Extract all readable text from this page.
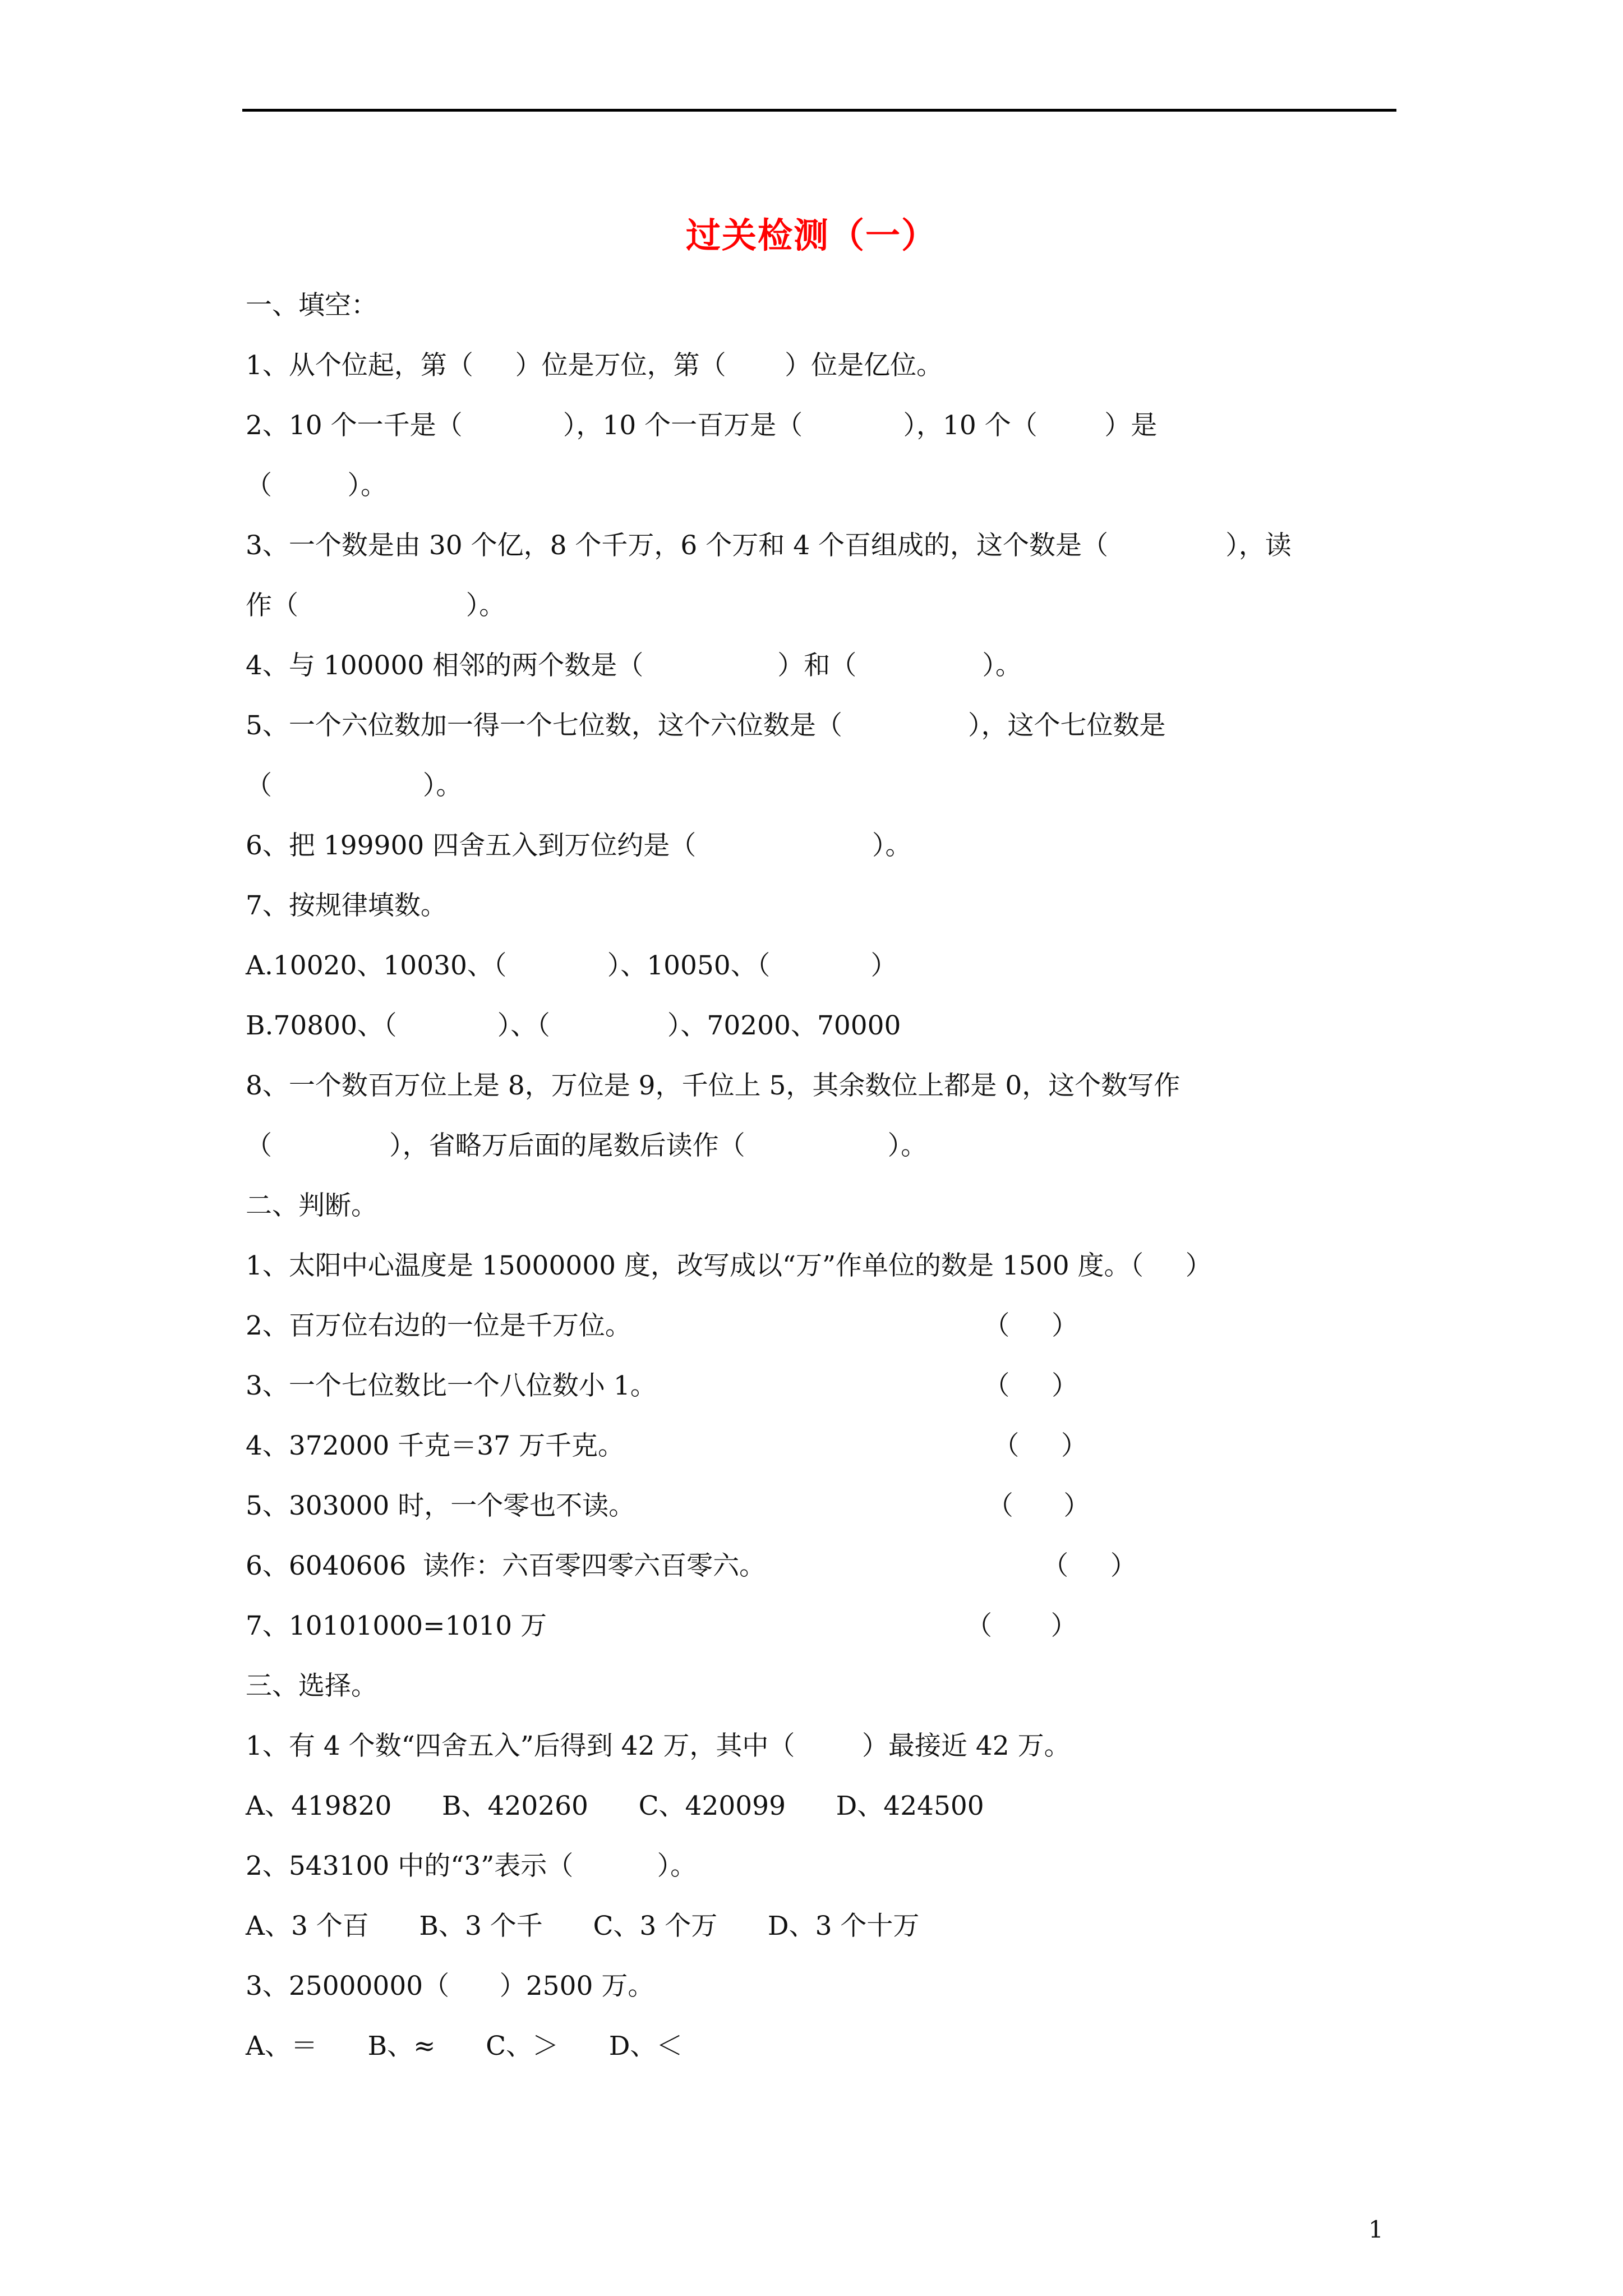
过关检测（一）

一、填空：

1、从个位起，第（     ）位是万位，第（       ）位是亿位。

2、10 个一千是（            ），10 个一百万是（            ），10 个（        ）是

（         ）。

3、一个数是由 30 个亿，8 个千万，6 个万和 4 个百组成的，这个数是（              ），读

作（                    ）。

4、与 100000 相邻的两个数是（                ）和（               ）。

5、一个六位数加一得一个七位数，这个六位数是（               ），这个七位数是

（                  ）。

6、把 199900 四舍五入到万位约是（                     ）。

7、按规律填数。

A.10020、10030、（            ）、10050、（            ）

B.70800、（            ）、（              ）、70200、70000

8、一个数百万位上是 8，万位是 9，千位上 5，其余数位上都是 0，这个数写作

（              ），省略万后面的尾数后读作（                 ）。

二、判断。

1、太阳中心温度是 15000000 度，改写成以“万”作单位的数是 1500 度。（     ）

2、百万位右边的一位是千万位。                                          （     ）

3、一个七位数比一个八位数小 1。                                       （     ）

4、372000 千克＝37 万千克。                                            （     ）

5、303000 时，一个零也不读。                                          （      ）

6、6040606  读作：六百零四零六百零六。                                 （     ）

7、10101000=1010 万                                                  （       ）

三、选择。

1、有 4 个数“四舍五入”后得到 42 万，其中（        ）最接近 42 万。

A、419820      B、420260      C、420099      D、424500

2、543100 中的“3”表示（          ）。

A、3 个百      B、3 个千      C、3 个万      D、3 个十万

3、25000000（      ）2500 万。

A、＝      B、≈      C、＞      D、＜

1
